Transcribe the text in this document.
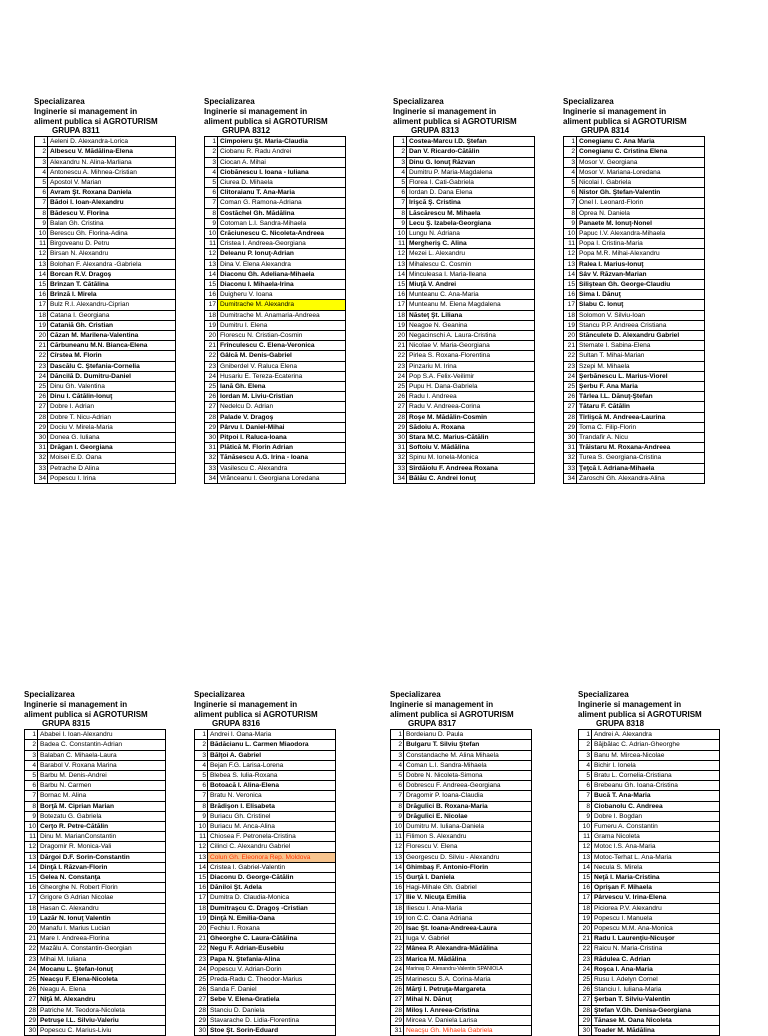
Specializarea
Inginerie si management in
aliment publica si AGROTURISM
GRUPA 8311
1	Aeleni D. Alexandra-Lorica
2	Albescu V. Mădălina-Elena
3	Alexandru N. Alina-Marliana
4	Antonescu A. Mihnea-Cristian
5	Apostol V. Marian
6	Avram Şt. Roxana Daniela
7	Bădoi I. Ioan-Alexandru
8	Bădescu V. Florina
9	Balan Gh. Cristina
10	Berescu Gh. Florina-Adina
11	Birgoveanu D. Petru
12	Birsan N. Alexandru
13	Bolohan F. Alexandra -Gabriela
14	Borcan R.V. Dragoş
15	Brînzan T. Cătălina
16	Brînză I. Mirela
17	Bulz R.I. Alexandru-Ciprian
18	Catana I. Georgiana
19	Cataniă Gh. Cristian
20	Căzan M. Marilena-Valentina
21	Cărbuneanu M.N. Bianca-Elena
22	Cîrstea M. Florin
23	Dascălu C. Ştefania-Cornelia
24	Dăncilă D. Dumitru-Daniel
25	Dinu Gh. Valentina
26	Dinu I. Cătălin-Ionuţ
27	Dobre I. Adrian
28	Dobre T. Nicu-Adrian
29	Dociu V. Mirela-Maria
30	Donea G. Iuliana
31	Drăgan I. Georgiana
32	Moisei E.D. Oana
33	Petrache D Alina
34	Popescu I. Irina
Specializarea
Inginerie si management in
aliment publica si AGROTURISM
GRUPA 8312
1	Cimpoieru Şt. Maria-Claudia
2	Ciobanu R. Radu Andrei
3	Ciocan A. Mihai
4	Ciobănescu I. Ioana - Iuliana
5	Ciurea D. Mihaela
6	Clitoraianu T. Ana-Maria
7	Coman G. Ramona-Adriana
8	Costăchel Gh. Mădălina
9	Cotoman L.I. Sandra-Mihaela
10	Crăciunescu C. Nicoleta-Andreea
11	Cristea I. Andreea-Georgiana
12	Deleanu P. Ionuţ-Adrian
13	Dina V. Elena Alexandra
14	Diaconu Gh. Adeliana-Mihaela
15	Diaconu I. Mihaela-Irina
16	Duigheru V. Ioana
17	Dumitrache M. Alexandra
18	Dumitrache M. Anamaria-Andreea
19	Dumitru I. Elena
20	Florescu N. Cristian-Cosmin
21	Frînculescu C. Elena-Veronica
22	Gâlcă M. Denis-Gabriel
23	Gniberdel V. Raluca Elena
24	Husariu E. Tereza-Ecaterina
25	Iană Gh. Elena
26	Iordan M. Liviu-Cristian
27	Nedelcu D. Adrian
28	Palade V. Dragoş
29	Pârvu I. Daniel-Mihai
30	Pitpoi I. Raluca-Ioana
31	Plătică M. Florin Adrian
32	Tănăsescu A.G. Irina - Ioana
33	Vasilescu C. Alexandra
34	Vrănceanu I. Georgiana Loredana
Specializarea
Inginerie si management in
aliment publica si AGROTURISM
GRUPA 8313
1	Costea-Marcu I.D. Ştefan
2	Dan V. Ricardo-Cătălin
3	Dinu G. Ionuţ Răzvan
4	Dumitru P. Maria-Magdalena
5	Florea I. Cati-Gabriela
6	Iordan D. Dana Elena
7	Irişcă Ş. Cristina
8	Lăscărescu M. Mihaela
9	Lecu Ş. Izabela-Georgiana
10	Lungu N. Adriana
11	Mergheriş C. Alina
12	Mezei L. Alexandru
13	Mihalescu C. Cosmin
14	Minculeasa I. Maria-Ileana
15	Miuţă V. Andrei
16	Munteanu C. Ana-Maria
17	Munteanu M. Elena Magdalena
18	Năsteţ Şt. Liliana
19	Neagoe N. Geanina
20	Negacinschi A. Laura-Cristina
21	Nicolae V. Maria-Georgiana
22	Pirlea S. Roxana-Florentina
23	Pinzariu M. Irina
24	Pop S.A. Felix-Veilimir
25	Pupu H. Dana-Gabriela
26	Radu I. Andreea
27	Radu V. Andreea-Corina
28	Roşe M. Mădălin-Cosmin
29	Sădoiu A. Roxana
30	Stara M.C. Marius-Cătălin
31	Softoiu V. Mădălina
32	Spinu M. Ionela-Monica
33	Sîrdăiolu F. Andreea Roxana
34	Bălău C. Andrei Ionuţ
Specializarea
Inginerie si management in
aliment publica si AGROTURISM
GRUPA 8314
1	Conegianu C. Ana Maria
2	Conegianu C. Cristina Elena
3	Mosor V. Georgiana
4	Mosor V. Mariana-Loredana
5	Nicolai I. Gabriela
6	Nistor Gh. Ştefan-Valentin
7	Onel I. Leonard-Florin
8	Oprea N. Daniela
9	Panaete M. Ionuţ-Nonel
10	Papuc I.V. Alexandra-Mihaela
11	Popa I. Cristina-Maria
12	Popa M.R. Mihai-Alexandru
13	Ralea I. Marius-Ionuţ
14	Sâv V. Răzvan-Marian
15	Siliştean Gh. George-Claudiu
16	Sima I. Dănuţ
17	Slabu C. Ionuţ
18	Solomon V. Silviu-Ioan
19	Stancu P.P. Andreea Cristiana
20	Stănculete D. Alexandru Gabriel
21	Stemate I. Sabina-Elena
22	Sultan T. Mihai-Marian
23	Szepi M. Mihaela
24	Şerbănescu L. Marius-Viorel
25	Şerbu F. Ana Maria
26	Târlea I.L. Dănuţ-Ştefan
27	Tătaru F. Cătălin
28	Tîrlişcă M. Andreea-Laurina
29	Toma C. Filip-Florin
30	Trandafir A. Nicu
31	Trăistaru M. Roxana-Andreea
32	Turea S. Georgiana-Cristina
33	Ţeţcă I. Adriana-Mihaela
34	Zaroschi Gh. Alexandra-Alina
Specializarea
Inginerie si management in
aliment publica si AGROTURISM
GRUPA 8315
1	Ababei I. Ioan-Alexandru
2	Badea C. Constantin-Adrian
3	Balaban C. Mihaela-Laura
4	Barabol V. Roxana Marina
5	Barbu M. Denis-Andrei
6	Barbu N. Carmen
7	Bornac M. Alina
8	Borţă M. Ciprian Marian
9	Botezatu G. Gabriela
10	Cerţo R. Petre-Cătălin
11	Dinu M. MarianConstantin
12	Dragomir R. Monica-Vali
13	Dărgoi D.F. Sorin-Constantin
14	Dinţă I. Răzvan-Florin
15	Gelea N. Constanţa
16	Gheorghe N. Robert Florin
17	Grigore G Adrian Nicolae
18	Hasan C. Alexandru
19	Lazăr N. Ionuţ Valentin
20	Manafu I. Marius Lucian
21	Mare I. Andreea-Florina
22	Mazălu A. Constantin-Georgian
23	Mihai M. Iuliana
24	Mocanu L. Ştefan-Ionuţ
25	Neacşu F. Elena-Nicoleta
26	Neagu A. Elena
27	Niţă M. Alexandru
28	Patriche M. Teodora-Nicoleta
29	Petruşe I.L. Silviu-Valeriu
30	Popescu C. Marius-Liviu
Specializarea
Inginerie si management in
aliment publica si AGROTURISM
GRUPA 8316
1	Andrei I. Oana-Maria
2	Bădăcianu L. Carmen Miaodora
3	Bălţoi A. Gabriel
4	Bejan F.G. Larisa-Lorena
5	Blebea S. Iulia-Roxana
6	Botoacă I. Alina-Elena
7	Bratu N. Veronica
8	Brădişon I. Elisabeta
9	Buriacu Gh. Cristinel
10	Buriacu M. Anca-Alina
11	Chiosea F. Petronela-Cristina
12	Cilinci C. Alexandru Gabriel
13	Colun Gh. Eleonora Rep. Moldova
14	Cristea I. Gabriel-Valentin
15	Diaconu D. George-Cătălin
16	Dăniloi Şt. Adela
17	Dumitra D. Claudia-Monica
18	Dumitraşcu C. Dragoş -Cristian
19	Dinţă N. Emilia-Oana
20	Fechiu I. Roxana
21	Gheorghe C. Laura-Cătălina
22	Negu F. Adrian-Eusebiu
23	Papa N. Ştefania-Alina
24	Popescu V. Adrian-Dorin
25	Preda-Radu C. Theodor-Marius
26	Sanda F. Daniel
27	Sebe V. Elena-Gratiela
28	Stanciu D. Daniela
29	Stavarache D. Lidia-Florentina
30	Stoe Şt. Sorin-Eduard
Specializarea
Inginerie si management in
aliment publica si AGROTURISM
GRUPA 8317
1	Bordeianu D. Paula
2	Bulgaru T. Silviu Ştefan
3	Constandache M. Alina Mihaela
4	Coman L.I. Sandra-Mihaela
5	Dobre N. Nicoleta-Simona
6	Dobrescu F. Andreea-Georgiana
7	Dragomir P. Ioana-Claudia
8	Drăgulici B. Roxana-Maria
9	Drăgulici E. Nicolae
10	Dumitru M. Iuliana-Daniela
11	Filimon S. Alexandru
12	Florescu V. Elena
13	Georgescu D. Silviu - Alexandru
14	Ghimbaş F. Antonio-Florin
15	Gurţă I. Daniela
16	Hagi-Mihale Gh. Gabriel
17	Ilie V. Nicuţa Emilia
18	Iliescu I. Ana-Maria
19	Ion C.C. Oana Adriana
20	Isac Şt. Ioana-Andreea-Laura
21	Iuga V. Gabriel
22	Mânea P. Alexandra-Mădălina
23	Marica M. Mădălina
24	Marinaş D. Alexandru-Valentin SPANIOLA
25	Marinescu S.A. Corina-Maria
26	Mărţi I. Petruţa-Margareta
27	Mihai N. Dănuţ
28	Miloş I. Anreea-Cristina
29	Mircea V. Daniela Larisa
31	Neacşu Gh. Mihaela Gabriela
Specializarea
Inginerie si management in
aliment publica si AGROTURISM
GRUPA 8318
1	Andrei A. Alexandra
2	Băjbălac C. Adrian-Gheorghe
3	Banu M. Mircea-Nicolae
4	Bichir I. Ionela
5	Bratu L. Cornelia-Cristiana
6	Brebeanu Gh. Ioana-Cristina
7	Bucă T. Ana-Maria
8	Ciobanolu C. Andreea
9	Dobre I. Bogdan
10	Fumeru A. Constantin
11	Grama Nicoleta
12	Motoc I.S. Ana-Maria
13	Motoc-Terhat L. Ana-Maria
14	Necula S. Mirela
15	Neţă I. Maria-Cristina
16	Oprişan F. Mihaela
17	Pârvescu V. Irina-Elena
18	Piciorea P.V. Alexandru
19	Popescu I. Manuela
20	Popescu M.M. Ana-Monica
21	Radu I. Laurenţiu-Nicuşor
22	Raicu N. Maria-Cristina
23	Rădulea C. Adrian
24	Roşca I. Ana-Maria
25	Rusu I. Adelyn Cornel
26	Stanciu I. Iuliana-Maria
27	Şerban T. Silviu-Valentin
28	Ştefan V.Gh. Denisa-Georgiana
29	Tănase M. Oana Nicoleta
30	Toader M. Mădălina
